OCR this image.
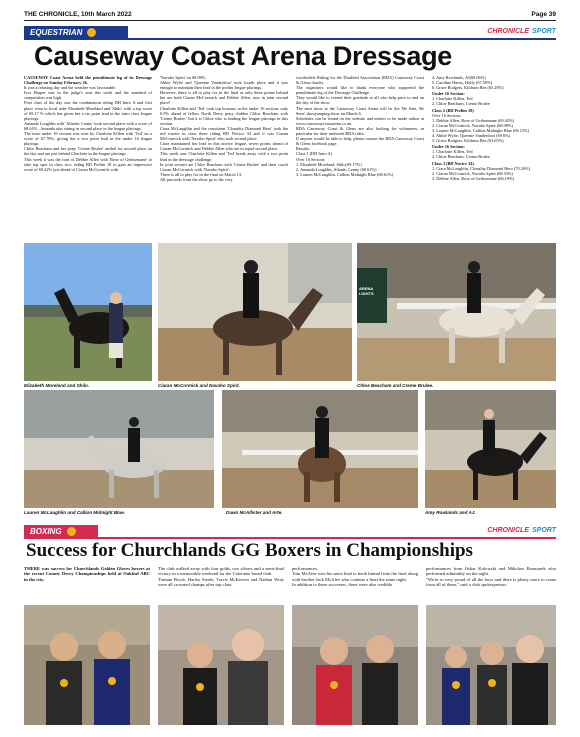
THE CHRONICLE, 10th March 2022	Page 39
EQUESTRIAN	CHRONICLE SPORT
Causeway Coast Arena Dressage

CAUSEWAY Coast Arena held the penultimate leg of its Dressage Challenge on Sunday February 26.

It was a relaxing day and the weather was favourable.

Ivor Harper was in the judge's seat this week and the standard of competition was high.

First class of the day saw the combination riding DH Intro A and first place went to local rider Elizabeth Moreland and 'Shilo' with a top score of 69.17 % which has given her a six point lead in the intro class league placings.

Amanda Loughlin with 'Atlantic Lenny' took second place with a score of 68.61% , Amanda also sitting in second place in the league placings.

The intro under 16 section was won by Charlotte Killen with 'Ted' on a score of 67.78%, giving her a two point lead in the under 16 league placings.

Chloe Beacham and her pony 'Creme Brulee' settled for second place on the day and are just behind Charlotte in the league placings.

This week it was the turn of Debbie Allen with 'Rose of Gethsemane' to take top spot in class two, riding BD Prelim 18 to gain an impressive score of 69.42% just ahead of Ciaran McCormick with

'Navaho Spirit' on 68.08%.

Abbie Wylie and 'Queenie Vanderdoot' took fourth place and it was enough to maintain their lead in the prelim league placings.

However, there is all to play for in the final as only three points behind her are both Ciaran McCormick and Debbie Allen, now in joint second place!

Charlotte Killen and 'Ted' took top honours in the under 16 section, only 0.5% ahead of fellow North Derry pony clubber Chloe Beacham with 'Creme Brulee,' but it is Chloe who is leading the league placings in this section.

Ciara McLaughlin and the consistent 'Clonality Diamond Hero' took the red rosette in class three riding BD Novice 34 and it was Ciaran McCormick with 'Navaho Spirit' who took second place.

Ciara maintained her lead in this novice league, seven points ahead of Ciaran McCormick and Debbie Allen who are in equal second place.

This week saw Charlotte Killen and 'Ted' break away with a two point lead in the dressage challenge.

In joint second are Chloe Beacham with 'Creme Brulee' and their coach Ciaran McCormick with 'Navaho Spirit'.

There is all to play for in the final on March 13.

All proceeds from the show go to the very

worthwhile Riding for the Disabled Association (RDA) Causeway Coast & Glens charity.

The organisers would like to thank everyone who supported the penultimate leg of the Dressage Challenge.

They would like to extend their gratitude to all who help prior to and on the day of the show.

The next show at the Causeway Coast Arena will be the 'Be Safe, Be Seen' showjumping show on March 6.

Schedules can be found on the website and entries to be made online at www.causewaycoastarena.co.uk.

RDA Causeway Coast & Glens are also looking for volunteers, in particular for their midweek RDA rides.

If anyone would be able to help, please contact the RDA Causeway Coast & Glens facebook page.

Results:

Class 1 (DH Intro A)

Over 16 Section:

1. Elizabeth Moreland, Shilo(69.17%)

2. Amanda Loughlin, Atlantic Lenny (68.61%)

3. Lauren McLaughlin, Callion Midnight Blue (68.61%)

4. Amy Rowlands, AJ(68.06%)

5. Caroline Harris, Holly (67.50%)

6. Grace Rodgers, Kildrum Bez (65.28%)

Under 16 Section:

1. Charlotte Killen, Ted

2. Chloe Beacham, Creme Brulee

Class 2 (BD Prelim 18)

Over 16 Section:

1. Debbie Allen, Rose of Gethsemane (69.42%)

2. Ciaran McCormick, Navaho Spirit (68.08%)

3. Lauren McLaughlin, Callion Midnight Blue (66.15%)

4. Abbie Wylie, Queenie Vanderdoot (69.6%)

5. Grace Rodgers, Kildrum Bez (63.65%)

Under 16 Section:

1. Charlotte Killen, Ted

2. Chloe Beacham, Creme Brulee

Class 3 (BD Novice 34)

1. Ciara McLaughlin, Clonality Diamond Hero (70.26%)

2. Ciaran McCormick, Navaho Spirit (68.53%)

3. Debbie Allen, Rose of Gethsemane (66.19%)

Elizabeth Moreland and Shilo.	Ciaran McCormick and Navaho Spirit.
ARENA LIGHTS
Chloe Beacham and Creme Brulee.
Lauren McLaughlin and Callion Midnight Blue.	Dawn McAllister and Arte.	Amy Rowlands and AJ.
BOXING	CHRONICLE SPORT
Success for Churchlands GG Boxers in Championships

THERE was success for Churchlands Golden Gloves boxers at the recent County Derry Championships held at Oakleaf ABC in the city.

The club walked away with four golds, two silvers and a semi-final victory in a memorable weekend for the Coleraine based club.

Tiarnan Boyle, Harley Steele, Travis McKeown and Nathan Wray were all crowned champs after top class

performances.

Tom McAfee won his semi-final to book himself into the final along with brother Jack McAfee who contests a final the same night.

In addition to these successes, there were also credible

performances from Oskar Kolowski and Mikolaw Rozmarek who performed admirably on the night.

"We're so very proud of all the boys and there is plenty more to come from all of them," said a club spokesperson.
